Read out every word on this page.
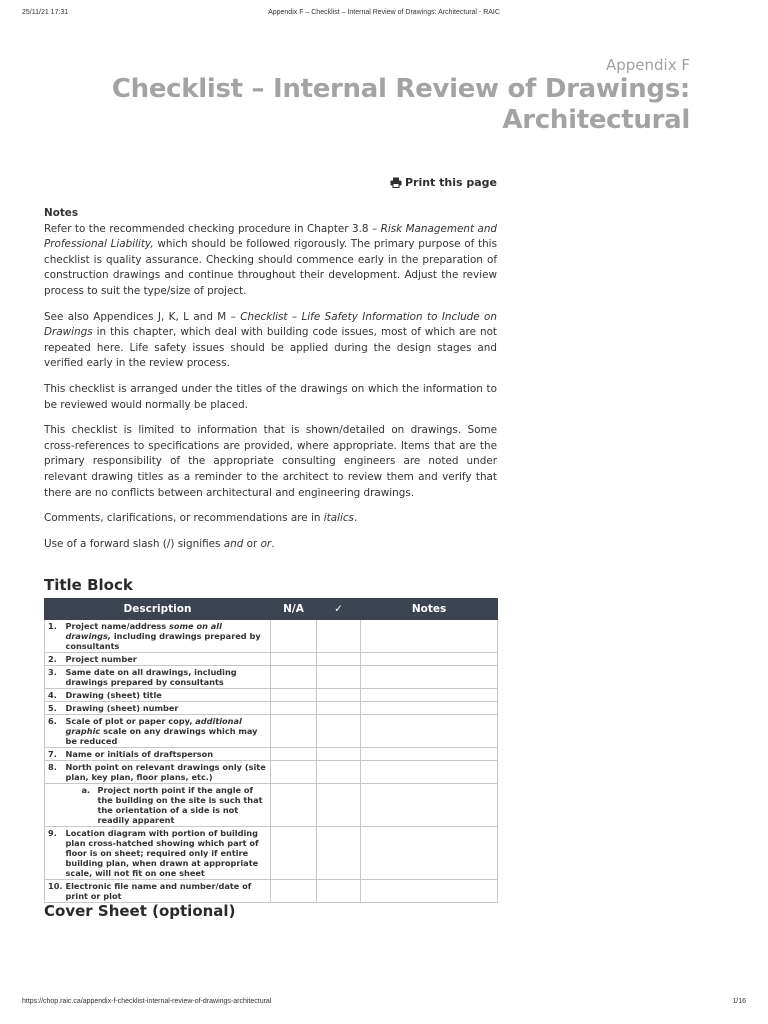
25/11/21 17:31	Appendix F – Checklist – Internal Review of Drawings: Architectural - RAIC
Appendix F
Checklist – Internal Review of Drawings:
Architectural
Print this page

Notes

Refer to the recommended checking procedure in Chapter 3.8 – Risk Management and Professional Liability, which should be followed rigorously. The primary purpose of this checklist is quality assurance. Checking should commence early in the preparation of construction drawings and continue throughout their development. Adjust the review process to suit the type/size of project.

See also Appendices J, K, L and M – Checklist – Life Safety Information to Include on Drawings in this chapter, which deal with building code issues, most of which are not repeated here. Life safety issues should be applied during the design stages and verified early in the review process.

This checklist is arranged under the titles of the drawings on which the information to be reviewed would normally be placed.

This checklist is limited to information that is shown/detailed on drawings. Some cross-references to specifications are provided, where appropriate. Items that are the primary responsibility of the appropriate consulting engineers are noted under relevant drawing titles as a reminder to the architect to review them and verify that there are no conflicts between architectural and engineering drawings.

Comments, clarifications, or recommendations are in italics.

Use of a forward slash (/) signifies and or or.

Title Block
Description		N/A	✓	Notes
1.	Project name/address some on all drawings, including drawings prepared by consultants			
2.	Project number			
3.	Same date on all drawings, including drawings prepared by consultants			
4.	Drawing (sheet) title			
5.	Drawing (sheet) number			
6.	Scale of plot or paper copy, additional graphic scale on any drawings which may be reduced			
7.	Name or initials of draftsperson			
8.	North point on relevant drawings only (site plan, key plan, floor plans, etc.)			

	a. Project north point if the angle of the building on the site is such that the orientation of a side is not readily apparent			

9.	Location diagram with portion of building plan cross-hatched showing which part of floor is on sheet; required only if entire building plan, when drawn at appropriate scale, will not fit on one sheet			
10.	Electronic file name and number/date of print or plot			
Cover Sheet (optional)
https://chop.raic.ca/appendix-f-checklist-internal-review-of-drawings-architectural	1/16
